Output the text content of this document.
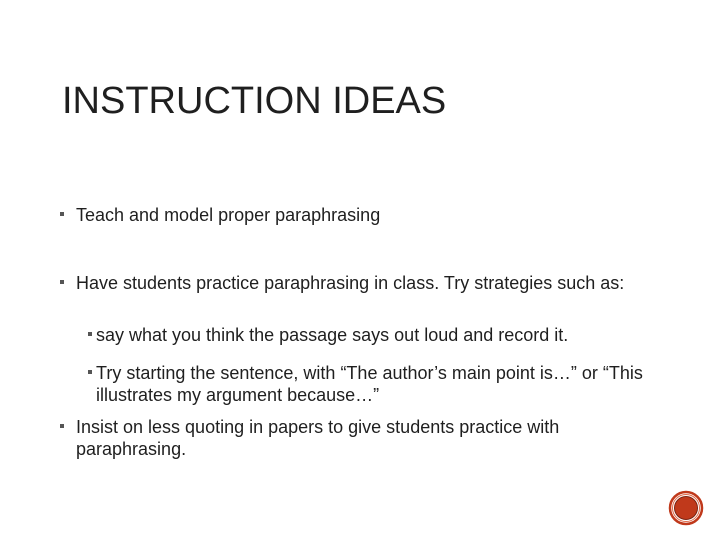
INSTRUCTION IDEAS
Teach and model proper paraphrasing
Have students practice paraphrasing in class. Try strategies such as:
say what you think the passage says out loud and record it.
Try starting the sentence, with “The author’s main point is…” or “This illustrates my argument because…”
Insist on less quoting in papers to give students practice with paraphrasing.
